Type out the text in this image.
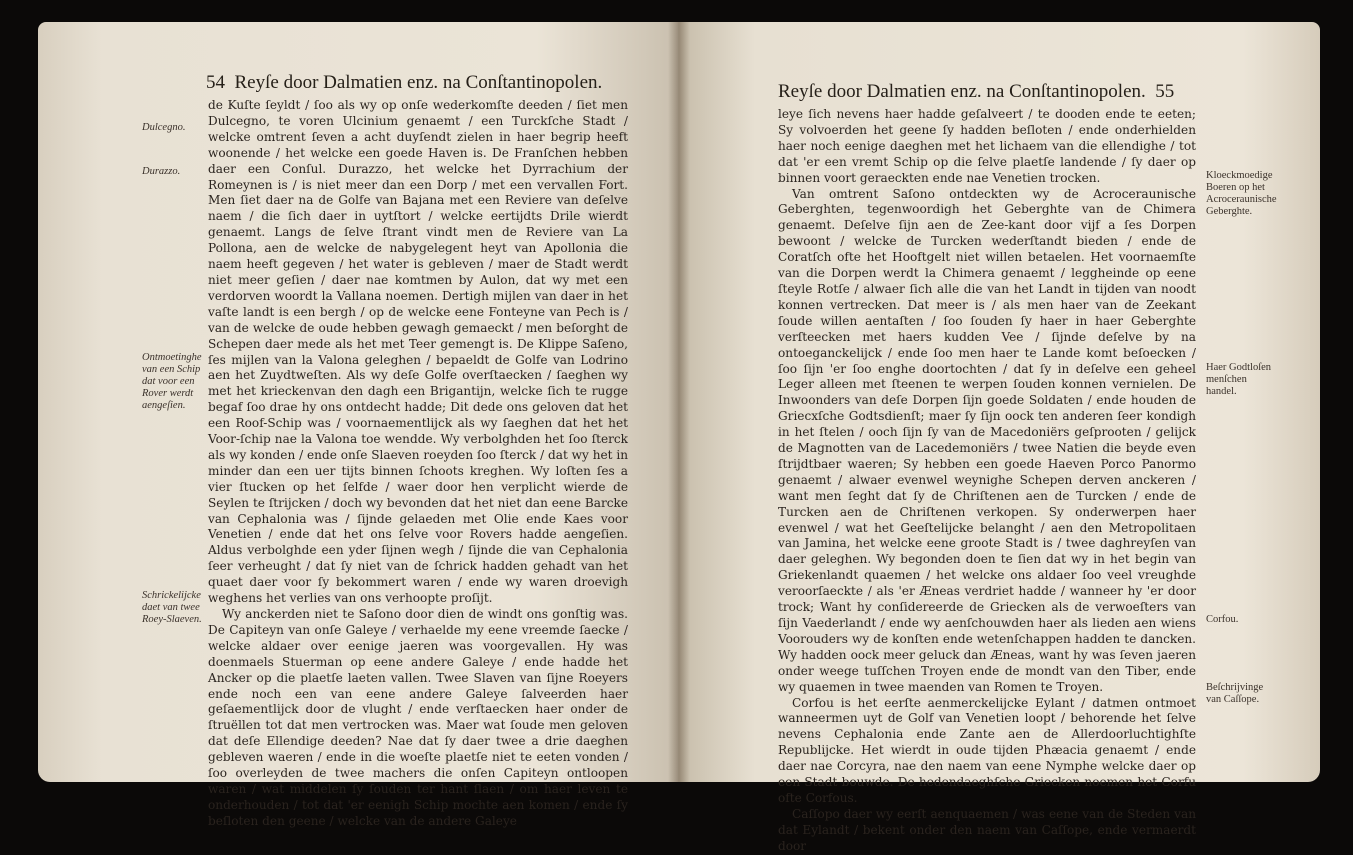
54 Reyſe door Dalmatien enz. na Conſtantinopolen.
Dulcegno.
Durazzo.
Ontmoetinghe van een Schip dat voor een Rover werdt aengeſien.
Schrickelijcke daet van twee Roey-Slaeven.

de Kuſte ſeyldt / ſoo als wy op onſe wederkomſte deeden / ſiet men Dulcegno, te voren Ulcinium genaemt / een Turckſche Stadt / welcke omtrent ſeven a acht duyſendt zielen in haer begrip heeft woonende / het welcke een goede Haven is. De Franſchen hebben daer een Conſul. Durazzo, het welcke het Dyrrachium der Romeynen is / is niet meer dan een Dorp / met een vervallen Fort. Men ſiet daer na de Golfe van Bajana met een Reviere van deſelve naem / die ſich daer in uytſtort / welcke eertijdts Drile wierdt genaemt. Langs de ſelve ſtrant vindt men de Reviere van La Pollona, aen de welcke de nabygelegent heyt van Apollonia die naem heeft gegeven / het water is gebleven / maer de Stadt werdt niet meer geſien / daer nae komtmen by Aulon, dat wy met een verdorven woordt la Vallana noemen. Dertigh mijlen van daer in het vaſte landt is een bergh / op de welcke eene Fonteyne van Pech is / van de welcke de oude hebben gewagh gemaeckt / men beſorght de Schepen daer mede als het met Teer gemengt is. De Klippe Saſeno, ſes mijlen van la Valona geleghen / bepaeldt de Golfe van Lodrino aen het Zuydtweſten. Als wy deſe Golfe overſtaecken / ſaeghen wy met het krieckenvan den dagh een Brigantijn, welcke ſich te rugge begaf ſoo drae hy ons ontdecht hadde; Dit dede ons geloven dat het een Roof-Schip was / voornaementlijck als wy ſaeghen dat het het Voor-ſchip nae la Valona toe wendde. Wy verbolghden het ſoo ſterck als wy konden / ende onſe Slaeven roeyden ſoo ſterck / dat wy het in minder dan een uer tijts binnen ſchoots kreghen. Wy loſten ſes a vier ſtucken op het ſelfde / waer door hen verplicht wierde de Seylen te ſtrijcken / doch wy bevonden dat het niet dan eene Barcke van Cephalonia was / ſijnde gelaeden met Olie ende Kaes voor Venetien / ende dat het ons ſelve voor Rovers hadde aengeſien. Aldus verbolghde een yder ſijnen wegh / ſijnde die van Cephalonia ſeer verheught / dat ſy niet van de ſchrick hadden gehadt van het quaet daer voor ſy bekommert waren / ende wy waren droevigh weghens het verlies van ons verhoopte proſijt.

Wy anckerden niet te Saſono door dien de windt ons gonſtig was. De Capiteyn van onſe Galeye / verhaelde my eene vreemde ſaecke / welcke aldaer over eenige jaeren was voorgevallen. Hy was doenmaels Stuerman op eene andere Galeye / ende hadde het Ancker op die plaetſe laeten vallen. Twee Slaven van ſijne Roeyers ende noch een van eene andere Galeye ſalveerden haer geſaementlijck door de vlught / ende verſtaecken haer onder de ſtruëllen tot dat men vertrocken was. Maer wat ſoude men geloven dat deſe Ellendige deeden? Nae dat ſy daer twee a drie daeghen gebleven waeren / ende in die woeſte plaetſe niet te eeten vonden / ſoo overleyden de twee machers die onſen Capiteyn ontloopen waren / wat middelen ſy ſouden ter hant ſlaen / om haer leven te onderhouden / tot dat 'er eenigh Schip mochte aen komen / ende ſy beſloten den geene / welcke van de andere Galeye

Reyſe door Dalmatien enz. na Conſtantinopolen. 55
Kloeckmoedige Boeren op het Acroceraunische Geberghte.
Haer Godtloſen menſchen handel.
Corfou.
Beſchrijvinge van Caſſope.

leye ſich nevens haer hadde geſalveert / te dooden ende te eeten; Sy volvoerden het geene ſy hadden beſloten / ende onderhielden haer noch eenige daeghen met het lichaem van die ellendighe / tot dat 'er een vremt Schip op die ſelve plaetſe landende / ſy daer op binnen voort geraeckten ende nae Venetien trocken.

Van omtrent Saſono ontdeckten wy de Acroceraunische Geberghten, tegenwoordigh het Geberghte van de Chimera genaemt. Deſelve ſijn aen de Zee-kant door vijf a ſes Dorpen bewoont / welcke de Turcken wederſtandt bieden / ende de Coratſch ofte het Hooftgelt niet willen betaelen. Het voornaemſte van die Dorpen werdt la Chimera genaemt / leggheinde op eene ſteyle Rotſe / alwaer ſich alle die van het Landt in tijden van noodt konnen vertrecken. Dat meer is / als men haer van de Zeekant ſoude willen aentaſten / ſoo ſouden ſy haer in haer Geberghte verſteecken met haers kudden Vee / ſijnde deſelve by na ontoeganckelijck / ende ſoo men haer te Lande komt beſoecken / ſoo ſijn 'er ſoo enghe doortochten / dat ſy in deſelve een geheel Leger alleen met ſteenen te werpen ſouden konnen vernielen. De Inwoonders van deſe Dorpen ſijn goede Soldaten / ende houden de Griecxſche Godtsdienſt; maer ſy ſijn oock ten anderen ſeer kondigh in het ſtelen / ooch ſijn ſy van de Macedoniërs geſprooten / gelijck de Magnotten van de Lacedemoniërs / twee Natien die beyde even ſtrijdtbaer waeren; Sy hebben een goede Haeven Porco Panormo genaemt / alwaer evenwel weynighe Schepen derven anckeren / want men ſeght dat ſy de Chriſtenen aen de Turcken / ende de Turcken aen de Chriſtenen verkopen. Sy onderwerpen haer evenwel / wat het Geeſtelijcke belanght / aen den Metropolitaen van Jamina, het welcke eene groote Stadt is / twee daghreyſen van daer geleghen. Wy begonden doen te ſien dat wy in het begin van Griekenlandt quaemen / het welcke ons aldaer ſoo veel vreughde veroorſaeckte / als 'er Æneas verdriet hadde / wanneer hy 'er door trock; Want hy conſidereerde de Griecken als de verwoeſters van ſijn Vaederlandt / ende wy aenſchouwden haer als lieden aen wiens Voorouders wy de konſten ende wetenſchappen hadden te dancken. Wy hadden oock meer geluck dan Æneas, want hy was ſeven jaeren onder weege tuſſchen Troyen ende de mondt van den Tiber, ende wy quaemen in twee maenden van Romen te Troyen.

Corfou is het eerſte aenmerckelijcke Eylant / datmen ontmoet wanneermen uyt de Golf van Venetien loopt / behorende het ſelve nevens Cephalonia ende Zante aen de Allerdoorluchtighſte Republijcke. Het wierdt in oude tijden Phæacia genaemt / ende daer nae Corcyra, nae den naem van eene Nymphe welcke daer op een Stadt bouwde. De hedendaeghſche Griecken noemen het Corfu ofte Corfous.

Caſſopo daer wy eerſt aenquaemen / was eene van de Steden van dat Eylandt / bekent onder den naem van Caſſope, ende vermaerdt door
